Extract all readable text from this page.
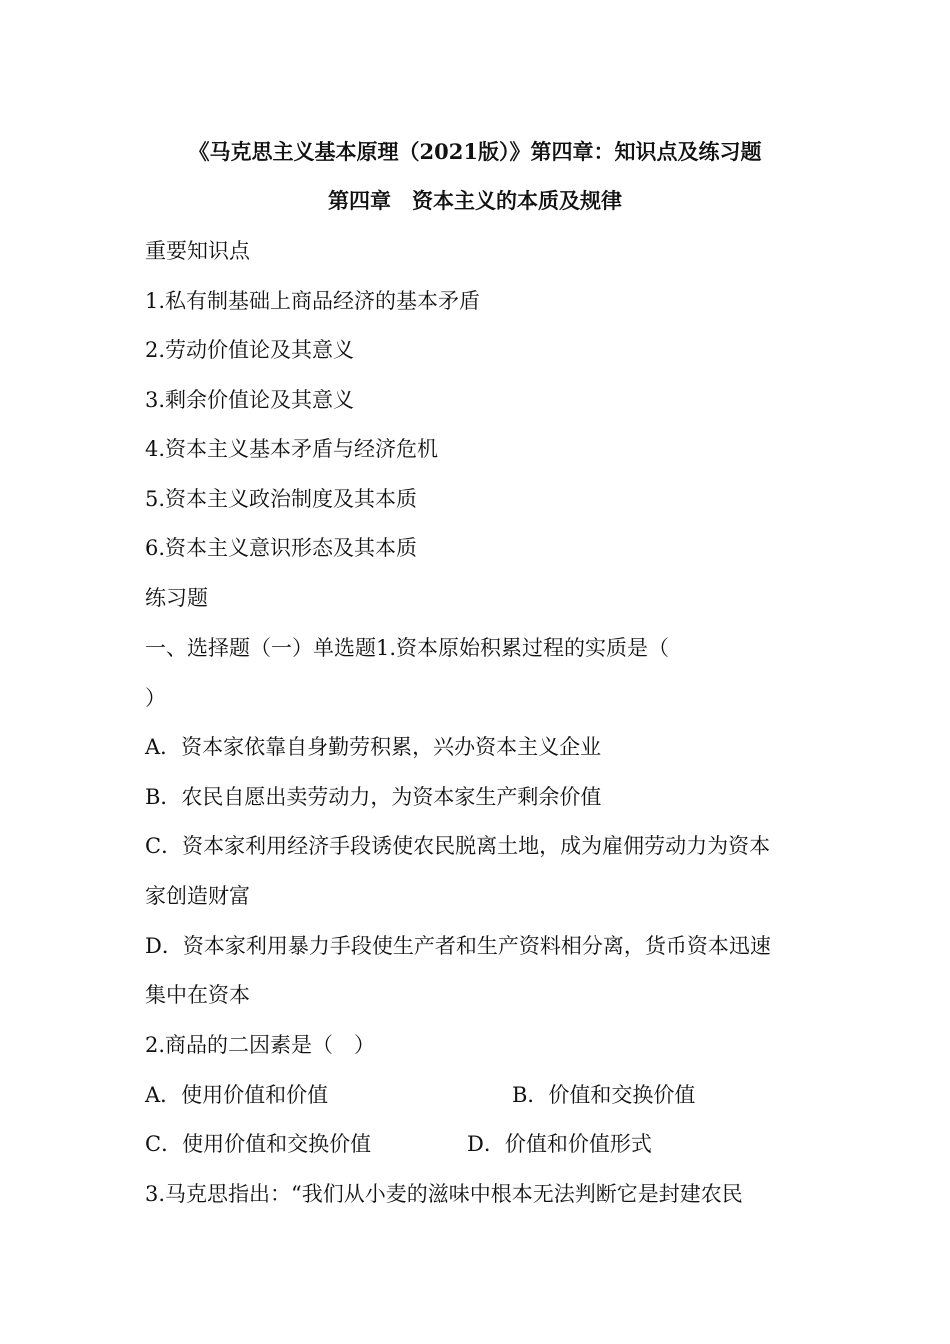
《马克思主义基本原理（2021版）》第四章：知识点及练习题
第四章　资本主义的本质及规律
重要知识点
1.私有制基础上商品经济的基本矛盾
2.劳动价值论及其意义
3.剩余价值论及其意义
4.资本主义基本矛盾与经济危机
5.资本主义政治制度及其本质
6.资本主义意识形态及其本质
练习题
一、选择题（一）单选题1.资本原始积累过程的实质是（
）
A．资本家依靠自身勤劳积累，兴办资本主义企业
B．农民自愿出卖劳动力，为资本家生产剩余价值
C．资本家利用经济手段诱使农民脱离土地，成为雇佣劳动力为资本
家创造财富
D．资本家利用暴力手段使生产者和生产资料相分离，货币资本迅速
集中在资本
2.商品的二因素是（　）
A．使用价值和价值	B．价值和交换价值
C．使用价值和交换价值	D．价值和价值形式
3.马克思指出：“我们从小麦的滋味中根本无法判断它是封建农民
